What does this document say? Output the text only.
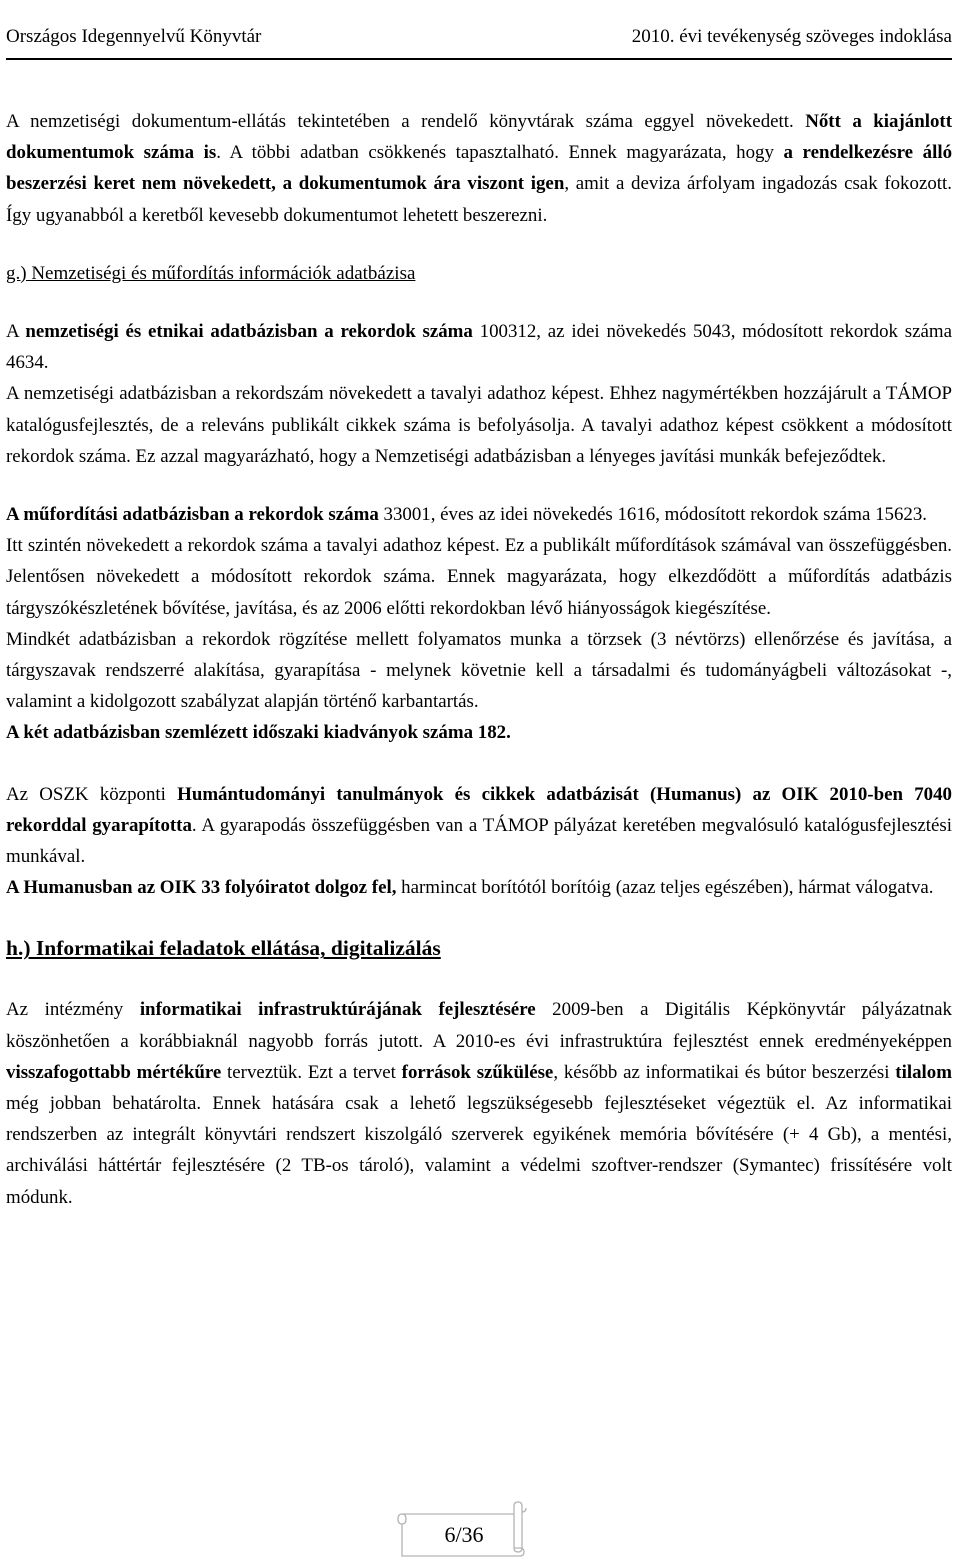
Országos Idegennyelvű Könyvtár	2010. évi tevékenység szöveges indoklása

A nemzetiségi dokumentum-ellátás tekintetében a rendelő könyvtárak száma eggyel növekedett. Nőtt a kiajánlott dokumentumok száma is. A többi adatban csökkenés tapasztalható. Ennek magyarázata, hogy a rendelkezésre álló beszerzési keret nem növekedett, a dokumentumok ára viszont igen, amit a deviza árfolyam ingadozás csak fokozott. Így ugyanabból a keretből kevesebb dokumentumot lehetett beszerezni.

g.) Nemzetiségi és műfordítás információk adatbázisa

A nemzetiségi és etnikai adatbázisban a rekordok száma 100312, az idei növekedés 5043, módosított rekordok száma 4634.

A nemzetiségi adatbázisban a rekordszám növekedett a tavalyi adathoz képest. Ehhez nagymértékben hozzájárult a TÁMOP katalógusfejlesztés, de a releváns publikált cikkek száma is befolyásolja. A tavalyi adathoz képest csökkent a módosított rekordok száma. Ez azzal magyarázható, hogy a Nemzetiségi adatbázisban a lényeges javítási munkák befejeződtek.

A műfordítási adatbázisban a rekordok száma 33001, éves az idei növekedés 1616, módosított rekordok száma 15623.

Itt szintén növekedett a rekordok száma a tavalyi adathoz képest. Ez a publikált műfordítások számával van összefüggésben. Jelentősen növekedett a módosított rekordok száma. Ennek magyarázata, hogy elkezdődött a műfordítás adatbázis tárgyszókészletének bővítése, javítása, és az 2006 előtti rekordokban lévő hiányosságok kiegészítése.

Mindkét adatbázisban a rekordok rögzítése mellett folyamatos munka a törzsek (3 névtörzs) ellenőrzése és javítása, a tárgyszavak rendszerré alakítása, gyarapítása - melynek követnie kell a társadalmi és tudományágbeli változásokat -, valamint a kidolgozott szabályzat alapján történő karbantartás.

A két adatbázisban szemlézett időszaki kiadványok száma 182.

Az OSZK központi Humántudományi tanulmányok és cikkek adatbázisát (Humanus) az OIK 2010-ben 7040 rekorddal gyarapította. A gyarapodás összefüggésben van a TÁMOP pályázat keretében megvalósuló katalógusfejlesztési munkával.

A Humanusban az OIK 33 folyóiratot dolgoz fel, harmincat borítótól borítóig (azaz teljes egészében), hármat válogatva.

h.) Informatikai feladatok ellátása, digitalizálás

Az intézmény informatikai infrastruktúrájának fejlesztésére 2009-ben a Digitális Képkönyvtár pályázatnak köszönhetően a korábbiaknál nagyobb forrás jutott. A 2010-es évi infrastruktúra fejlesztést ennek eredményeképpen visszafogottabb mértékűre terveztük. Ezt a tervet források szűkülése, később az informatikai és bútor beszerzési tilalom még jobban behatárolta. Ennek hatására csak a lehető legszükségesebb fejlesztéseket végeztük el. Az informatikai rendszerben az integrált könyvtári rendszert kiszolgáló szerverek egyikének memória bővítésére (+ 4 Gb), a mentési, archiválási háttértár fejlesztésére (2 TB-os tároló), valamint a védelmi szoftver-rendszer (Symantec) frissítésére volt módunk.

6/36
